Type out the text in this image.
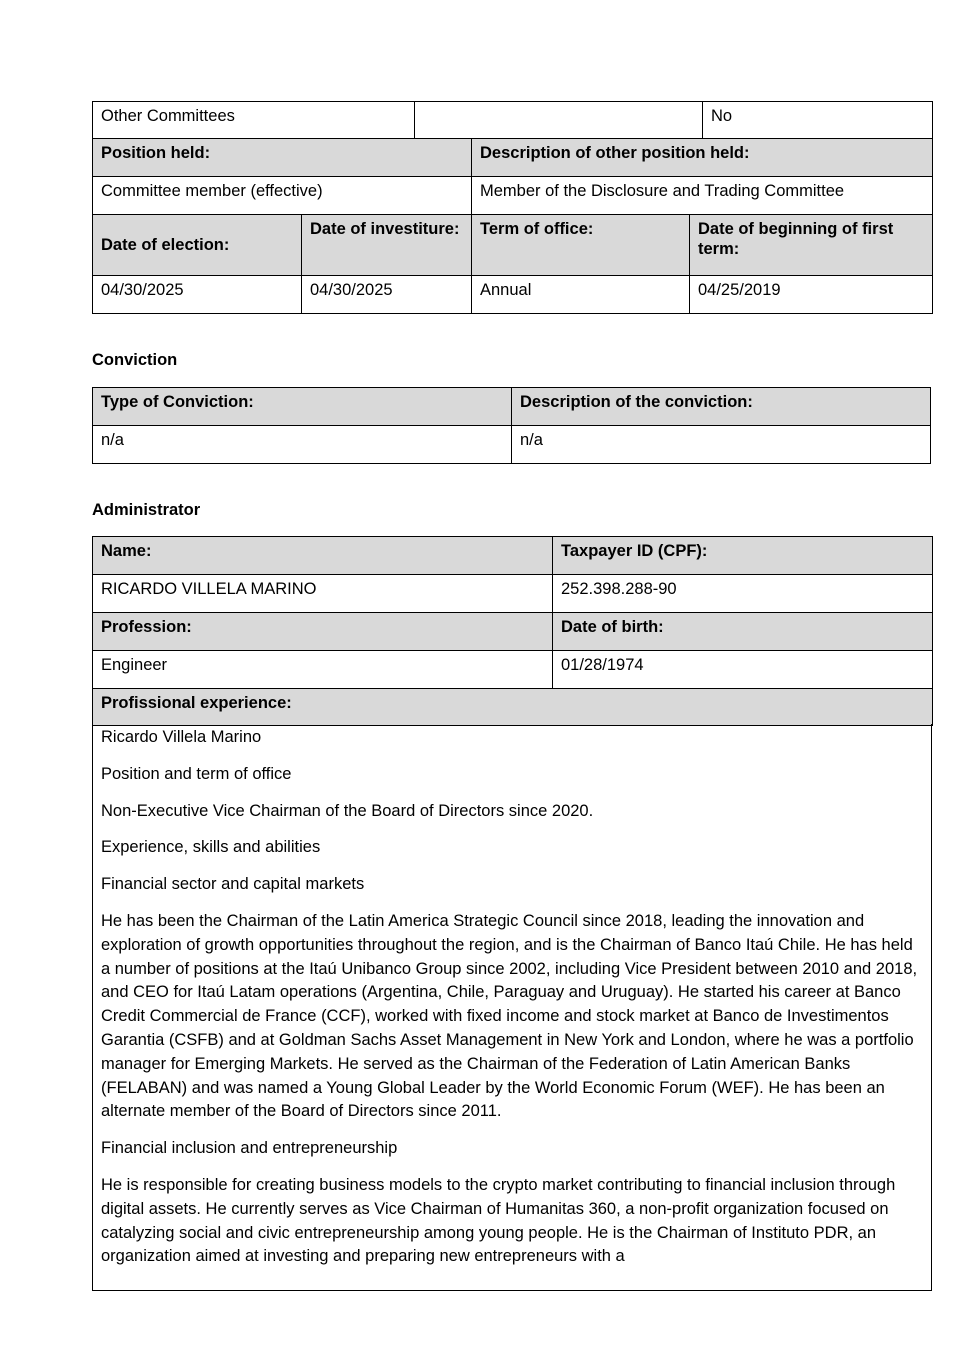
Other Committees		No
Position held:		Description of other position held:	
Committee member (effective)		Member of the Disclosure and Trading Committee	
Date of election:	Date of investiture:	Term of office:	Date of beginning of first term:
04/30/2025	04/30/2025	Annual	04/25/2019
Conviction
Type of Conviction:	Description of the conviction:
n/a	n/a
Administrator
Name:	Taxpayer ID (CPF):
RICARDO VILLELA MARINO	252.398.288-90
Profession:	Date of birth:
Engineer	01/28/1974
Profissional experience:	

Ricardo Villela Marino

Position and term of office

Non-Executive Vice Chairman of the Board of Directors since 2020.

Experience, skills and abilities

Financial sector and capital markets

He has been the Chairman of the Latin America Strategic Council since 2018, leading the innovation and exploration of growth opportunities throughout the region, and is the Chairman of Banco Itaú Chile. He has held a number of positions at the Itaú Unibanco Group since 2002, including Vice President between 2010 and 2018, and CEO for Itaú Latam operations (Argentina, Chile, Paraguay and Uruguay). He started his career at Banco Credit Commercial de France (CCF), worked with fixed income and stock market at Banco de Investimentos Garantia (CSFB) and at Goldman Sachs Asset Management in New York and London, where he was a portfolio manager for Emerging Markets. He served as the Chairman of the Federation of Latin American Banks (FELABAN) and was named a Young Global Leader by the World Economic Forum (WEF). He has been an alternate member of the Board of Directors since 2011.

Financial inclusion and entrepreneurship

He is responsible for creating business models to the crypto market contributing to financial inclusion through digital assets. He currently serves as Vice Chairman of Humanitas 360, a non-profit organization focused on catalyzing social and civic entrepreneurship among young people. He is the Chairman of Instituto PDR, an organization aimed at investing and preparing new entrepreneurs with a
